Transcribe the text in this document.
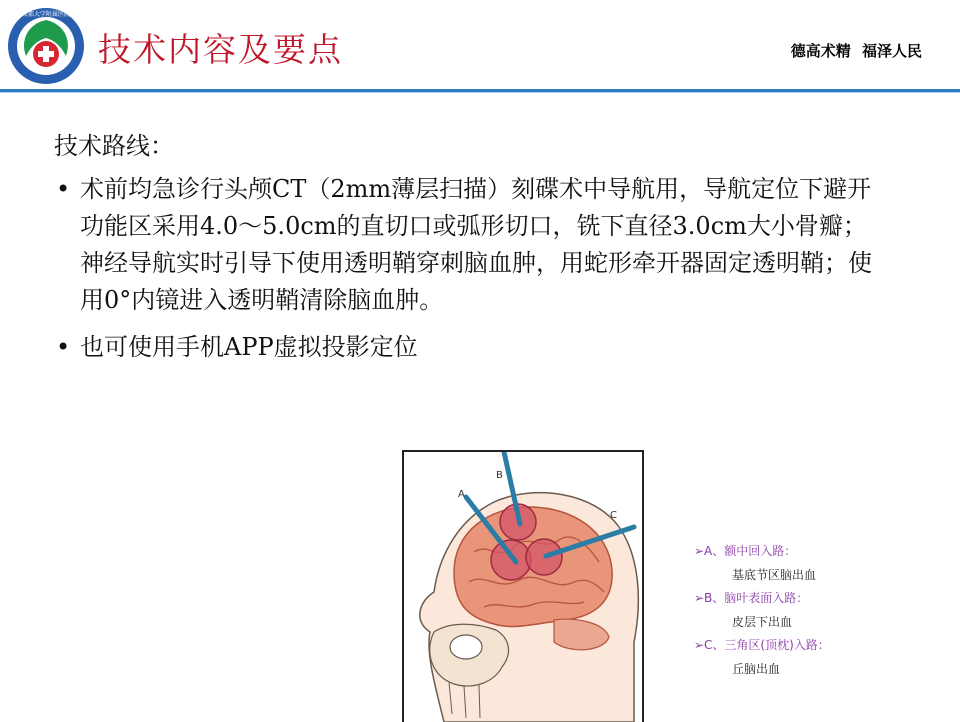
成都大学附属医院
技术内容及要点	德高术精 福泽人民

技术路线：

• 术前均急诊行头颅CT（2mm薄层扫描）刻碟术中导航用，导航定位下避开功能区采用4.0～5.0cm的直切口或弧形切口，铣下直径3.0cm大小骨瓣；神经导航实时引导下使用透明鞘穿刺脑血肿，用蛇形牵开器固定透明鞘；使用0°内镜进入透明鞘清除脑血肿。

• 也可使用手机APP虚拟投影定位

A
B
C
➢A、额中回入路：
基底节区脑出血
➢B、脑叶表面入路：
皮层下出血
➢C、三角区(顶枕)入路：
丘脑出血
